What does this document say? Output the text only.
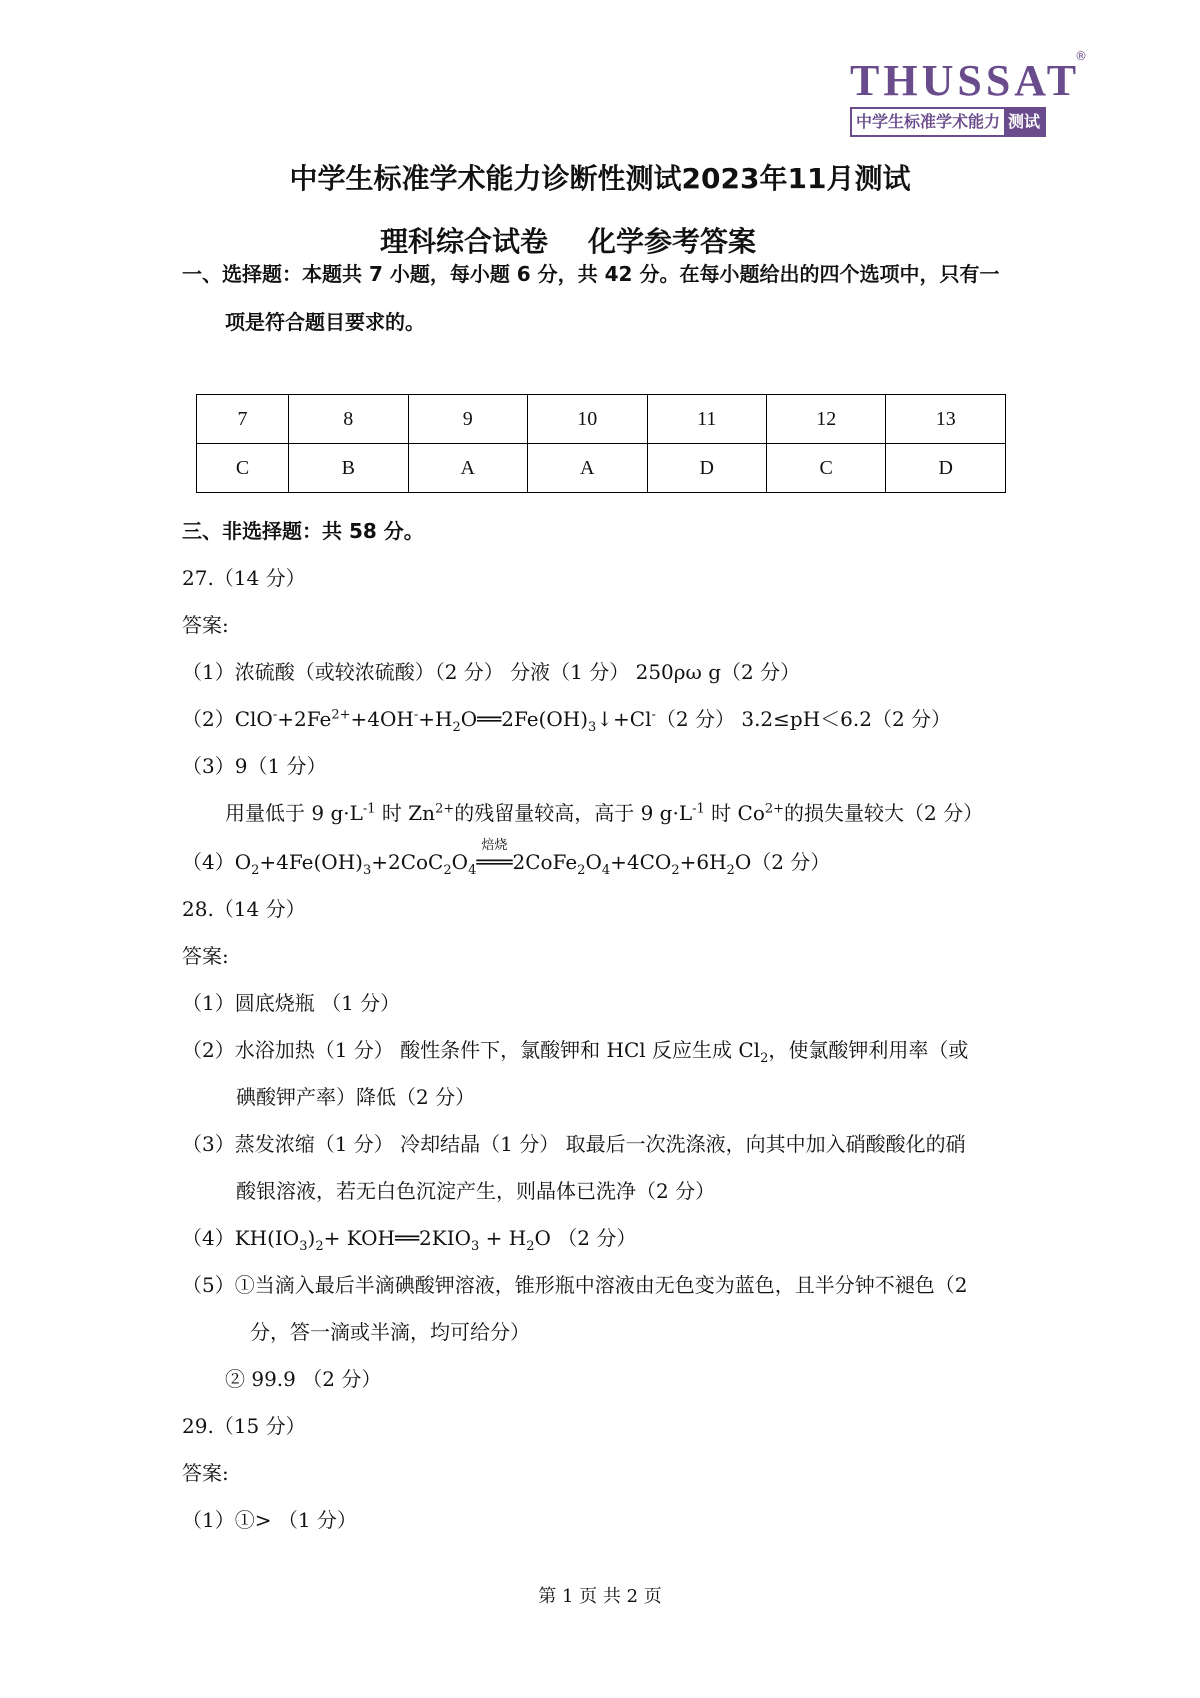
THUSSAT
®
中学生标准学术能力 测试
中学生标准学术能力诊断性测试2023年11月测试
理科综合试卷 化学参考答案
一、选择题：本题共 7 小题，每小题 6 分，共 42 分。在每小题给出的四个选项中，只有一
项是符合题目要求的。
7	8	9	10	11	12	13
C	B	A	A	D	C	D
三、非选择题：共 58 分。
27.（14 分）
答案:
（1）浓硫酸（或较浓硫酸）（2 分） 分液（1 分） 250ρω g（2 分）
$(2)ClO^-+2Fe^{2+}+4OH^-+H_2O══2Fe(OH)_3↓+Cl^-(2$ 分） 3.2≤pH＜6.2（2 分）
（3）9（1 分）
用量低于 9 $g\cdot L^{-1}$ 时 $Zn^{2+}$的残留量较高，高于 9 $g\cdot L^{-1}$ 时 $Co^{2+}$的损失量较大（2 分）
$(4)O_2+4Fe(OH)_3+2CoC_2O_4$
焙烧
$═══2CoFe_2O_4+4CO_2+6H_2O(2$ 分）
28.（14 分）
答案:
（1）圆底烧瓶 （1 分）
（2）水浴加热（1 分） 酸性条件下，氯酸钾和 HCl 反应生成 $Cl_2$，使氯酸钾利用率（或
碘酸钾产率）降低（2 分）
（3）蒸发浓缩（1 分） 冷却结晶（1 分） 取最后一次洗涤液，向其中加入硝酸酸化的硝
酸银溶液，若无白色沉淀产生，则晶体已洗净（2 分）
$(4)KH(IO_3)_2+$ $KOH══2KIO_3 + H_2O$ （2 分）
（5）①当滴入最后半滴碘酸钾溶液，锥形瓶中溶液由无色变为蓝色，且半分钟不褪色（2
分，答一滴或半滴，均可给分）
② 99.9 （2 分）
29.（15 分）
答案:
（1）①> （1 分）
第 1 页 共 2 页
